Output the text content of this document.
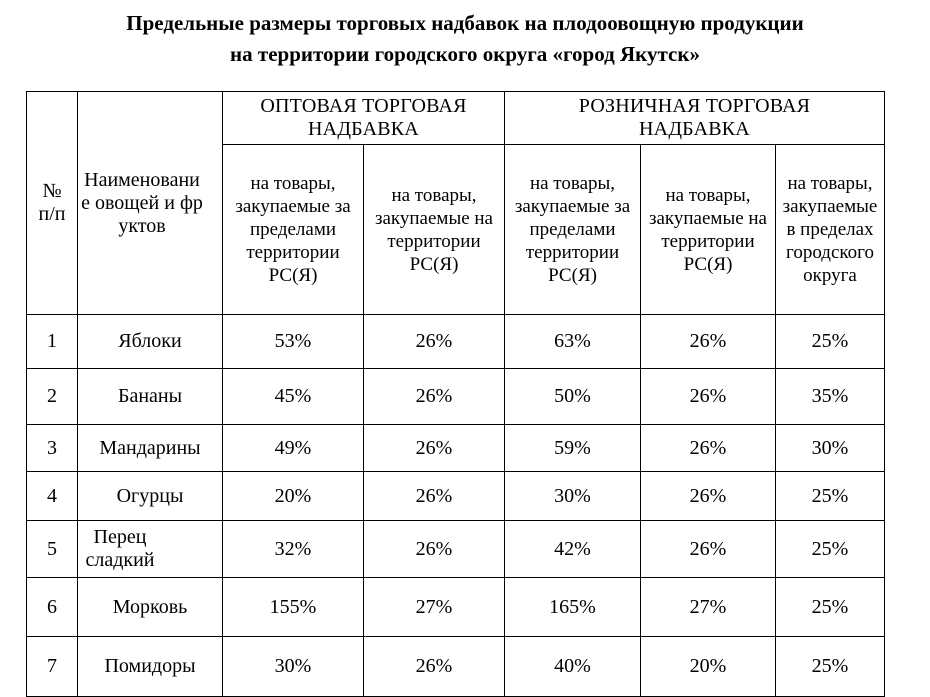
Предельные размеры торговых надбавок на плодоовощную продукции
на территории городского округа «город Якутск»
№ п/п	Наименование овощей и фруктов	ОПТОВАЯ ТОРГОВАЯ НАДБАВКА		РОЗНИЧНАЯ ТОРГОВАЯ НАДБАВКА		

		на товары, закупаемые за пределами территории РС(Я)	на товары, закупаемые на территории РС(Я)	на товары, закупаемые за пределами территории РС(Я)	на товары, закупаемые на территории РС(Я)	на товары, закупаемые в пределах городского округа

1	Яблоки	53%	26%	63%	26%	25%
2	Бананы	45%	26%	50%	26%	35%
3	Мандарины	49%	26%	59%	26%	30%
4	Огурцы	20%	26%	30%	26%	25%
5	Перец сладкий	32%	26%	42%	26%	25%
6	Морковь	155%	27%	165%	27%	25%
7	Помидоры	30%	26%	40%	20%	25%
